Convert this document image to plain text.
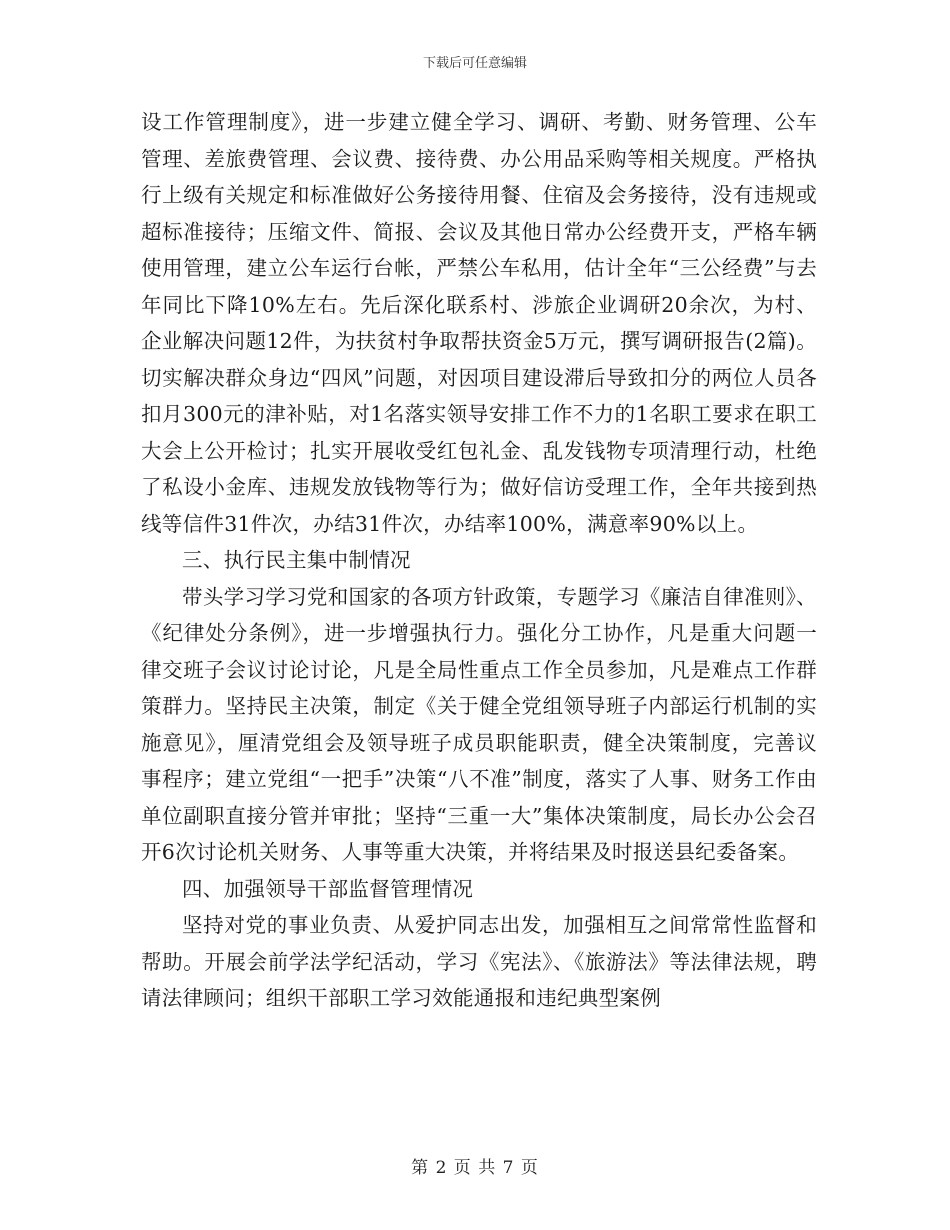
下载后可任意编辑

设工作管理制度》，进一步建立健全学习、调研、考勤、财务管理、公车管理、差旅费管理、会议费、接待费、办公用品采购等相关规度。严格执行上级有关规定和标准做好公务接待用餐、住宿及会务接待，没有违规或超标准接待；压缩文件、简报、会议及其他日常办公经费开支，严格车辆使用管理，建立公车运行台帐，严禁公车私用，估计全年“三公经费”与去年同比下降10%左右。先后深化联系村、涉旅企业调研20余次，为村、企业解决问题12件，为扶贫村争取帮扶资金5万元，撰写调研报告(2篇)。切实解决群众身边“四风”问题，对因项目建设滞后导致扣分的两位人员各扣月300元的津补贴，对1名落实领导安排工作不力的1名职工要求在职工大会上公开检讨；扎实开展收受红包礼金、乱发钱物专项清理行动，杜绝了私设小金库、违规发放钱物等行为；做好信访受理工作，全年共接到热线等信件31件次，办结31件次，办结率100%，满意率90%以上。

三、执行民主集中制情况

带头学习学习党和国家的各项方针政策，专题学习《廉洁自律准则》、《纪律处分条例》，进一步增强执行力。强化分工协作，凡是重大问题一律交班子会议讨论讨论，凡是全局性重点工作全员参加，凡是难点工作群策群力。坚持民主决策，制定《关于健全党组领导班子内部运行机制的实施意见》，厘清党组会及领导班子成员职能职责，健全决策制度，完善议事程序；建立党组“一把手”决策“八不准”制度，落实了人事、财务工作由单位副职直接分管并审批；坚持“三重一大”集体决策制度，局长办公会召开6次讨论机关财务、人事等重大决策，并将结果及时报送县纪委备案。

四、加强领导干部监督管理情况

坚持对党的事业负责、从爱护同志出发，加强相互之间常常性监督和帮助。开展会前学法学纪活动，学习《宪法》、《旅游法》等法律法规，聘请法律顾问；组织干部职工学习效能通报和违纪典型案例

第 2 页 共 7 页
